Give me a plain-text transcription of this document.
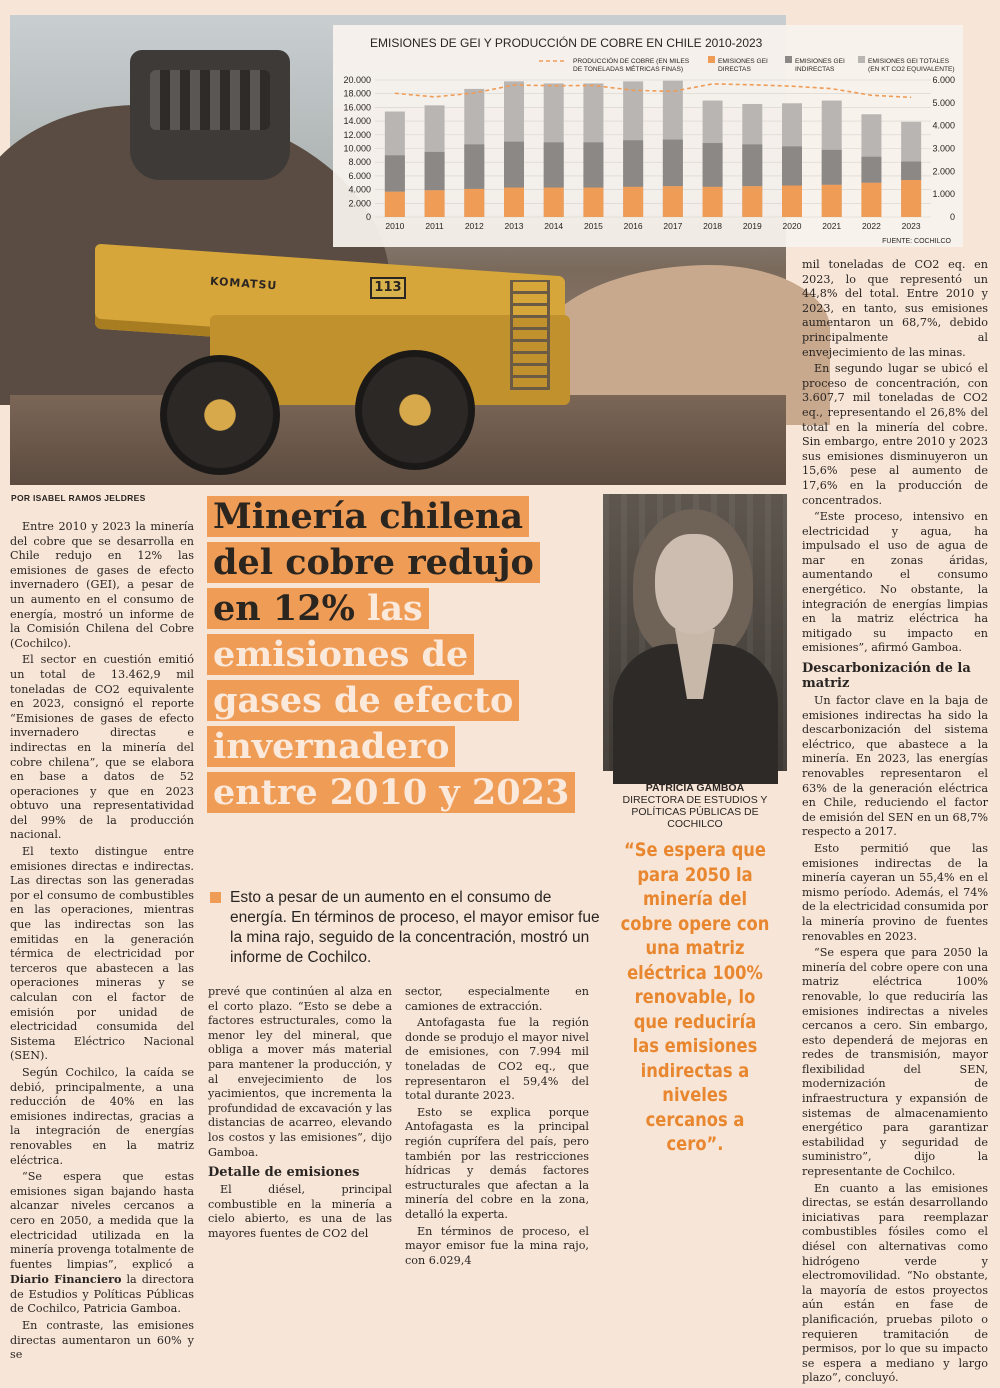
KOMATSU	113
EMISIONES DE GEI Y PRODUCCIÓN DE COBRE EN CHILE 2010-2023
PRODUCCIÓN DE COBRE (EN MILES
DE TONELADAS MÉTRICAS FINAS)
EMISIONES GEI
DIRECTAS
EMISIONES GEI
INDIRECTAS
EMISIONES GEI TOTALES
(EN KT CO2 EQUIVALENTE)
0
2.000
4.000
6.000
8.000
10.000
12.000
14.000
16.000
18.000
20.000
0
1.000
2.000
3.000
4.000
5.000
6.000
2010 2011 2012 2013 2014 2015 2016 2017 2018 2019 2020 2021 2022 2023
FUENTE: COCHILCO
POR ISABEL RAMOS JELDRES Minería chilena
del cobre redujo
en 12% las
emisiones de
gases de efecto
invernadero
entre 2010 y 2023
Esto a pesar de un aumento en el consumo de energía. En términos de proceso, el mayor emisor fue la mina rajo, seguido de la concentración, mostró un informe de Cochilco.

Entre 2010 y 2023 la minería del cobre que se desarrolla en Chile redujo en 12% las emisiones de gases de efecto invernadero (GEI), a pesar de un aumento en el consumo de energía, mostró un informe de la Comisión Chilena del Cobre (Cochilco).

El sector en cuestión emitió un total de 13.462,9 mil toneladas de CO2 equivalente en 2023, consignó el reporte “Emisiones de gases de efecto invernadero directas e indirectas en la minería del cobre chilena”, que se elabora en base a datos de 52 operaciones y que en 2023 obtuvo una representatividad del 99% de la producción nacional.

El texto distingue entre emisiones directas e indirectas. Las directas son las generadas por el consumo de combustibles en las operaciones, mientras que las indirectas son las emitidas en la generación térmica de electricidad por terceros que abastecen a las operaciones mineras y se calculan con el factor de emisión por unidad de electricidad consumida del Sistema Eléctrico Nacional (SEN).

Según Cochilco, la caída se debió, principalmente, a una reducción de 40% en las emisiones indirectas, gracias a la integración de energías renovables en la matriz eléctrica.

“Se espera que estas emisiones sigan bajando hasta alcanzar niveles cercanos a cero en 2050, a medida que la electricidad utilizada en la minería provenga totalmente de fuentes limpias”, explicó a Diario Financiero la directora de Estudios y Políticas Públicas de Cochilco, Patricia Gamboa.

En contraste, las emisiones directas aumentaron un 60% y se

prevé que continúen al alza en el corto plazo. “Esto se debe a factores estructurales, como la menor ley del mineral, que obliga a mover más material para mantener la producción, y al envejecimiento de los yacimientos, que incrementa la profundidad de excavación y las distancias de acarreo, elevando los costos y las emisiones”, dijo Gamboa.

Detalle de emisiones

El diésel, principal combustible en la minería a cielo abierto, es una de las mayores fuentes de CO2 del

sector, especialmente en camiones de extracción.

Antofagasta fue la región donde se produjo el mayor nivel de emisiones, con 7.994 mil toneladas de CO2 eq., que representaron el 59,4% del total durante 2023.

Esto se explica porque Antofagasta es la principal región cuprífera del país, pero también por las restricciones hídricas y demás factores estructurales que afectan a la minería del cobre en la zona, detalló la experta.

En términos de proceso, el mayor emisor fue la mina rajo, con 6.029,4

PATRICIA GAMBOA
DIRECTORA DE ESTUDIOS Y POLÍTICAS PÚBLICAS DE COCHILCO
“Se espera que para 2050 la minería del cobre opere con una matriz eléctrica 100% renovable, lo que reduciría las emisiones indirectas a niveles cercanos a cero”.

mil toneladas de CO2 eq. en 2023, lo que representó un 44,8% del total. Entre 2010 y 2023, en tanto, sus emisiones aumentaron un 68,7%, debido principalmente al envejecimiento de las minas.

En segundo lugar se ubicó el proceso de concentración, con 3.607,7 mil toneladas de CO2 eq., representando el 26,8% del total en la minería del cobre. Sin embargo, entre 2010 y 2023 sus emisiones disminuyeron un 15,6% pese al aumento de 17,6% en la producción de concentrados.

“Este proceso, intensivo en electricidad y agua, ha impulsado el uso de agua de mar en zonas áridas, aumentando el consumo energético. No obstante, la integración de energías limpias en la matriz eléctrica ha mitigado su impacto en emisiones”, afirmó Gamboa.

Descarbonización de la matriz

Un factor clave en la baja de emisiones indirectas ha sido la descarbonización del sistema eléctrico, que abastece a la minería. En 2023, las energías renovables representaron el 63% de la generación eléctrica en Chile, reduciendo el factor de emisión del SEN en un 68,7% respecto a 2017.

Esto permitió que las emisiones indirectas de la minería cayeran un 55,4% en el mismo período. Además, el 74% de la electricidad consumida por la minería provino de fuentes renovables en 2023.

“Se espera que para 2050 la minería del cobre opere con una matriz eléctrica 100% renovable, lo que reduciría las emisiones indirectas a niveles cercanos a cero. Sin embargo, esto dependerá de mejoras en redes de transmisión, mayor flexibilidad del SEN, modernización de infraestructura y expansión de sistemas de almacenamiento energético para garantizar estabilidad y seguridad de suministro”, dijo la representante de Cochilco.

En cuanto a las emisiones directas, se están desarrollando iniciativas para reemplazar combustibles fósiles como el diésel con alternativas como hidrógeno verde y electromovilidad. “No obstante, la mayoría de estos proyectos aún están en fase de planificación, pruebas piloto o requieren tramitación de permisos, por lo que su impacto se espera a mediano y largo plazo”, concluyó.
